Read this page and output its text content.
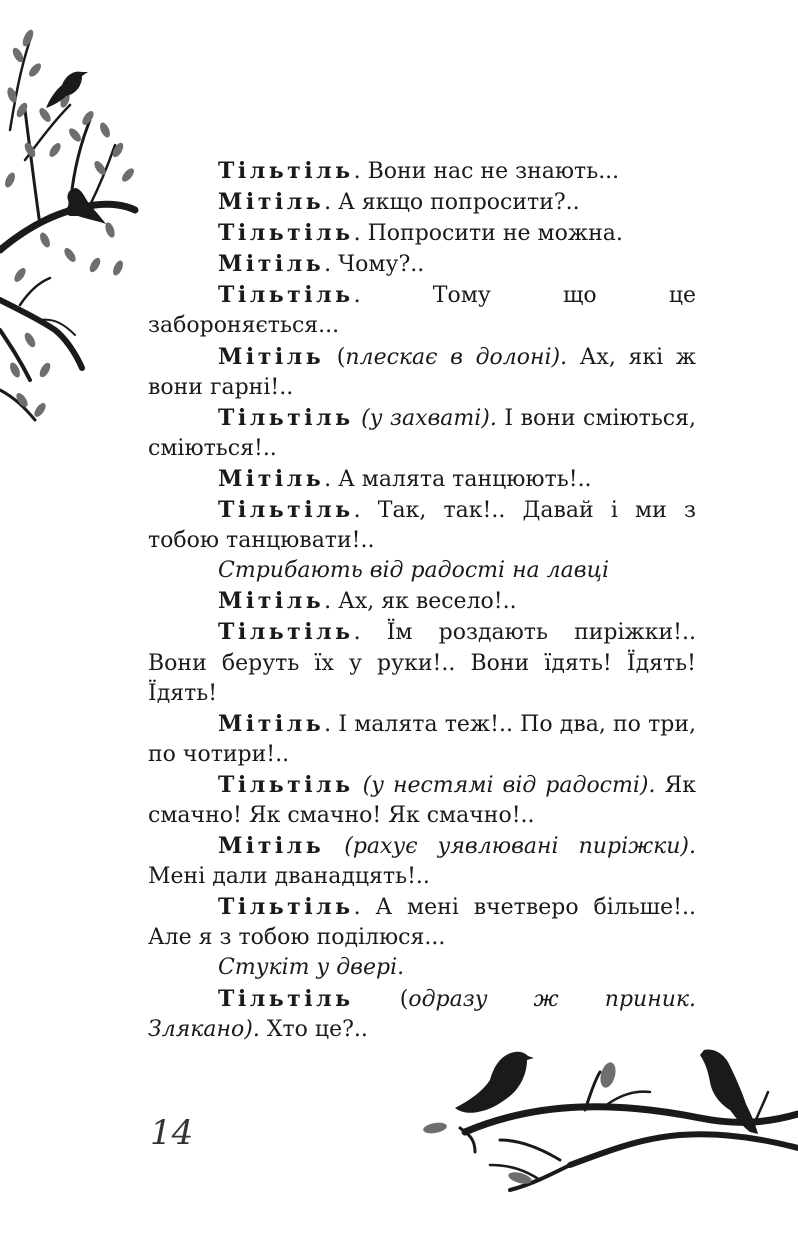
Тільтіль. Вони нас не знають...

Мітіль. А якщо попросити?..

Тільтіль. Попросити не можна.

Мітіль. Чому?..

Тільтіль. Тому що це забороняється...

Мітіль (плескає в долоні). Ах, які ж вони гарні!..

Тільтіль (у захваті). І вони сміються, сміються!..

Мітіль. А малята танцюють!..

Тільтіль. Так, так!.. Давай і ми з тобою танцювати!..

Стрибають від радості на лавці

Мітіль. Ах, як весело!..

Тільтіль. Їм роздають пиріжки!.. Вони беруть їх у руки!.. Вони їдять! Їдять! Їдять!

Мітіль. І малята теж!.. По два, по три, по чотири!..

Тільтіль (у нестямі від радості). Як смачно! Як смачно! Як смачно!..

Мітіль (рахує уявлювані пиріжки). Мені дали дванадцять!..

Тільтіль. А мені вчетверо більше!.. Але я з тобою поділюся...

Стукіт у двері.

Тільтіль (одразу ж приник. Злякано). Хто це?..

14
